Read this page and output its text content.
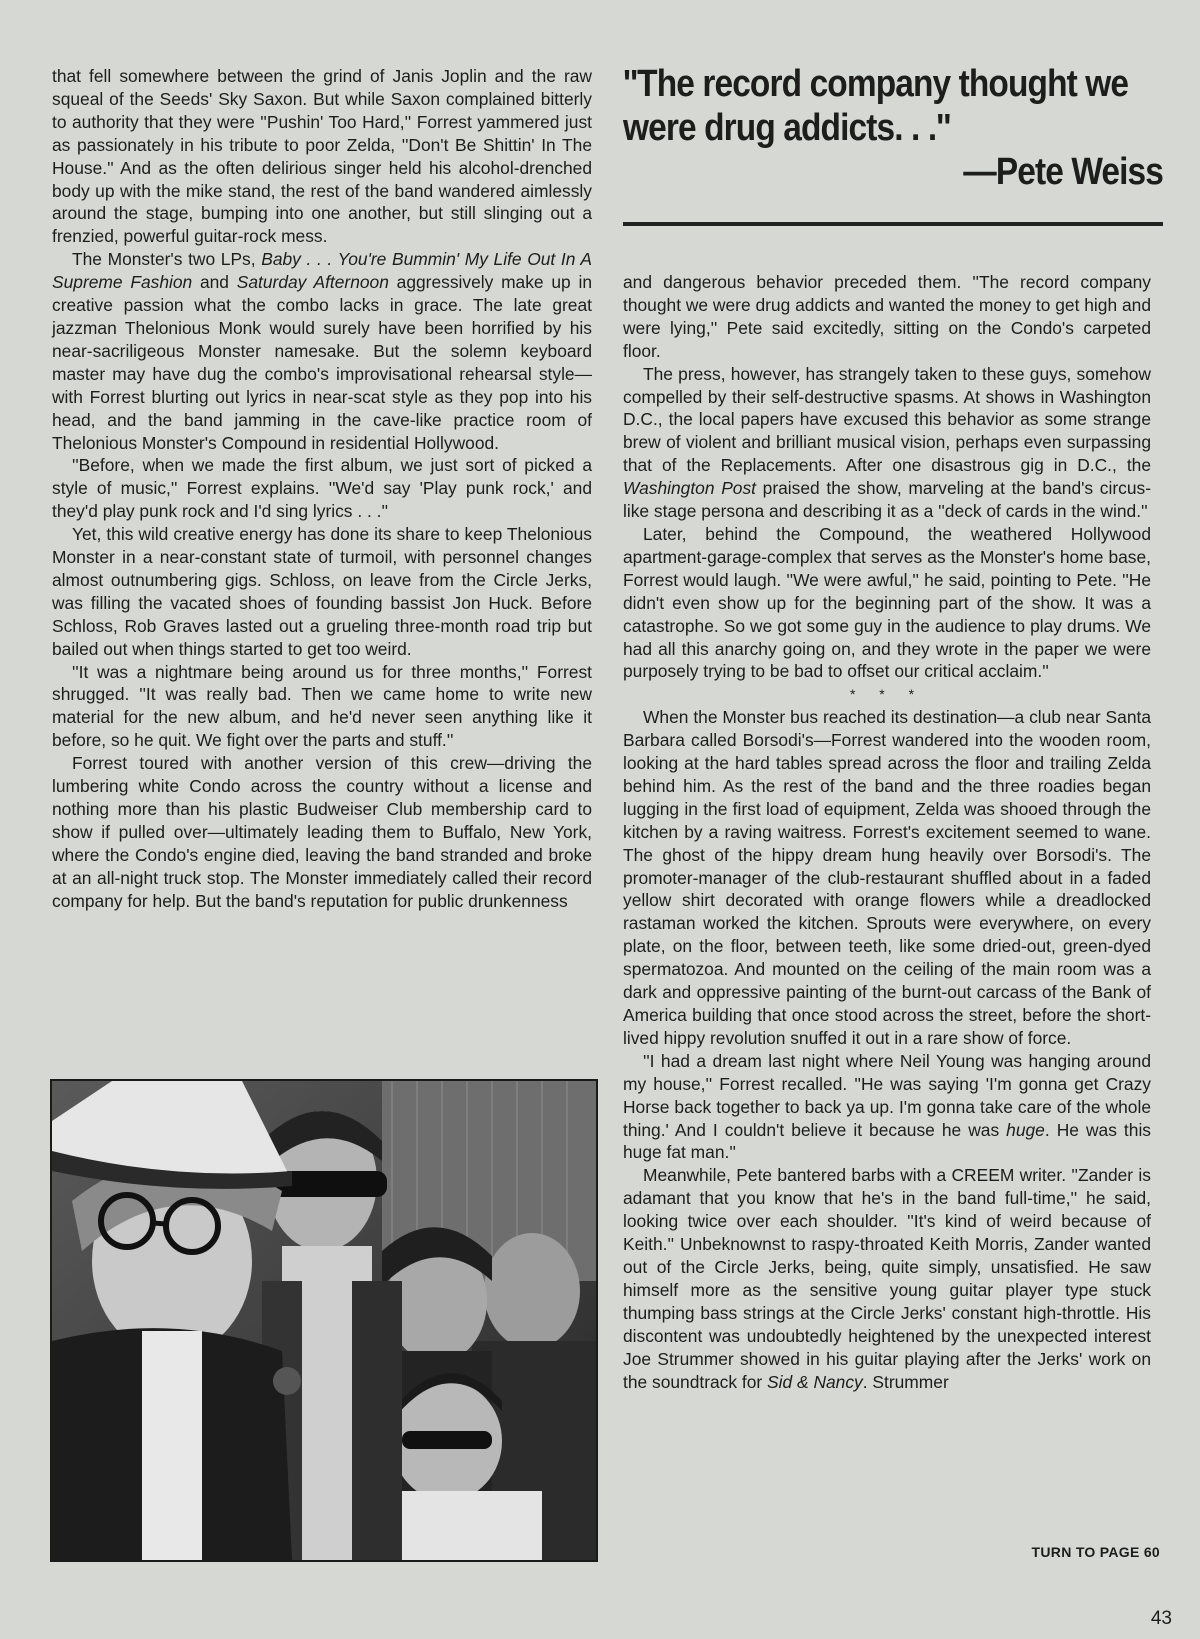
that fell somewhere between the grind of Janis Joplin and the raw squeal of the Seeds' Sky Saxon. But while Saxon complained bitterly to authority that they were ''Pushin' Too Hard,'' Forrest yammered just as passionately in his tribute to poor Zelda, ''Don't Be Shittin' In The House.'' And as the often delirious singer held his alcohol-drenched body up with the mike stand, the rest of the band wandered aimlessly around the stage, bumping into one another, but still slinging out a frenzied, powerful guitar-rock mess.

The Monster's two LPs, Baby . . . You're Bummin' My Life Out In A Supreme Fashion and Saturday Afternoon aggressively make up in creative passion what the combo lacks in grace. The late great jazzman Thelonious Monk would surely have been horrified by his near-sacriligeous Monster namesake. But the solemn keyboard master may have dug the combo's improvisational rehearsal style—with Forrest blurting out lyrics in near-scat style as they pop into his head, and the band jamming in the cave-like practice room of Thelonious Monster's Compound in residential Hollywood.

''Before, when we made the first album, we just sort of picked a style of music,'' Forrest explains. ''We'd say 'Play punk rock,' and they'd play punk rock and I'd sing lyrics . . .''

Yet, this wild creative energy has done its share to keep Thelonious Monster in a near-constant state of turmoil, with personnel changes almost outnumbering gigs. Schloss, on leave from the Circle Jerks, was filling the vacated shoes of founding bassist Jon Huck. Before Schloss, Rob Graves lasted out a grueling three-month road trip but bailed out when things started to get too weird.

''It was a nightmare being around us for three months,'' Forrest shrugged. ''It was really bad. Then we came home to write new material for the new album, and he'd never seen anything like it before, so he quit. We fight over the parts and stuff.''

Forrest toured with another version of this crew—driving the lumbering white Condo across the country without a license and nothing more than his plastic Budweiser Club membership card to show if pulled over—ultimately leading them to Buffalo, New York, where the Condo's engine died, leaving the band stranded and broke at an all-night truck stop. The Monster immediately called their record company for help. But the band's reputation for public drunkenness

''The record company thought we were drug addicts. . .''
—Pete Weiss

and dangerous behavior preceded them. ''The record company thought we were drug addicts and wanted the money to get high and were lying,'' Pete said excitedly, sitting on the Condo's carpeted floor.

The press, however, has strangely taken to these guys, somehow compelled by their self-destructive spasms. At shows in Washington D.C., the local papers have excused this behavior as some strange brew of violent and brilliant musical vision, perhaps even surpassing that of the Replacements. After one disastrous gig in D.C., the Washington Post praised the show, marveling at the band's circus-like stage persona and describing it as a ''deck of cards in the wind.''

Later, behind the Compound, the weathered Hollywood apartment-garage-complex that serves as the Monster's home base, Forrest would laugh. ''We were awful,'' he said, pointing to Pete. ''He didn't even show up for the beginning part of the show. It was a catastrophe. So we got some guy in the audience to play drums. We had all this anarchy going on, and they wrote in the paper we were purposely trying to be bad to offset our critical acclaim.''

* * *

When the Monster bus reached its destination—a club near Santa Barbara called Borsodi's—Forrest wandered into the wooden room, looking at the hard tables spread across the floor and trailing Zelda behind him. As the rest of the band and the three roadies began lugging in the first load of equipment, Zelda was shooed through the kitchen by a raving waitress. Forrest's excitement seemed to wane. The ghost of the hippy dream hung heavily over Borsodi's. The promoter-manager of the club-restaurant shuffled about in a faded yellow shirt decorated with orange flowers while a dreadlocked rastaman worked the kitchen. Sprouts were everywhere, on every plate, on the floor, between teeth, like some dried-out, green-dyed spermatozoa. And mounted on the ceiling of the main room was a dark and oppressive painting of the burnt-out carcass of the Bank of America building that once stood across the street, before the short-lived hippy revolution snuffed it out in a rare show of force.

''I had a dream last night where Neil Young was hanging around my house,'' Forrest recalled. ''He was saying 'I'm gonna get Crazy Horse back together to back ya up. I'm gonna take care of the whole thing.' And I couldn't believe it because he was huge. He was this huge fat man.''

Meanwhile, Pete bantered barbs with a CREEM writer. ''Zander is adamant that you know that he's in the band full-time,'' he said, looking twice over each shoulder. ''It's kind of weird because of Keith.'' Unbeknownst to raspy-throated Keith Morris, Zander wanted out of the Circle Jerks, being, quite simply, unsatisfied. He saw himself more as the sensitive young guitar player type stuck thumping bass strings at the Circle Jerks' constant high-throttle. His discontent was undoubtedly heightened by the unexpected interest Joe Strummer showed in his guitar playing after the Jerks' work on the soundtrack for Sid & Nancy. Strummer

TURN TO PAGE 60
43
